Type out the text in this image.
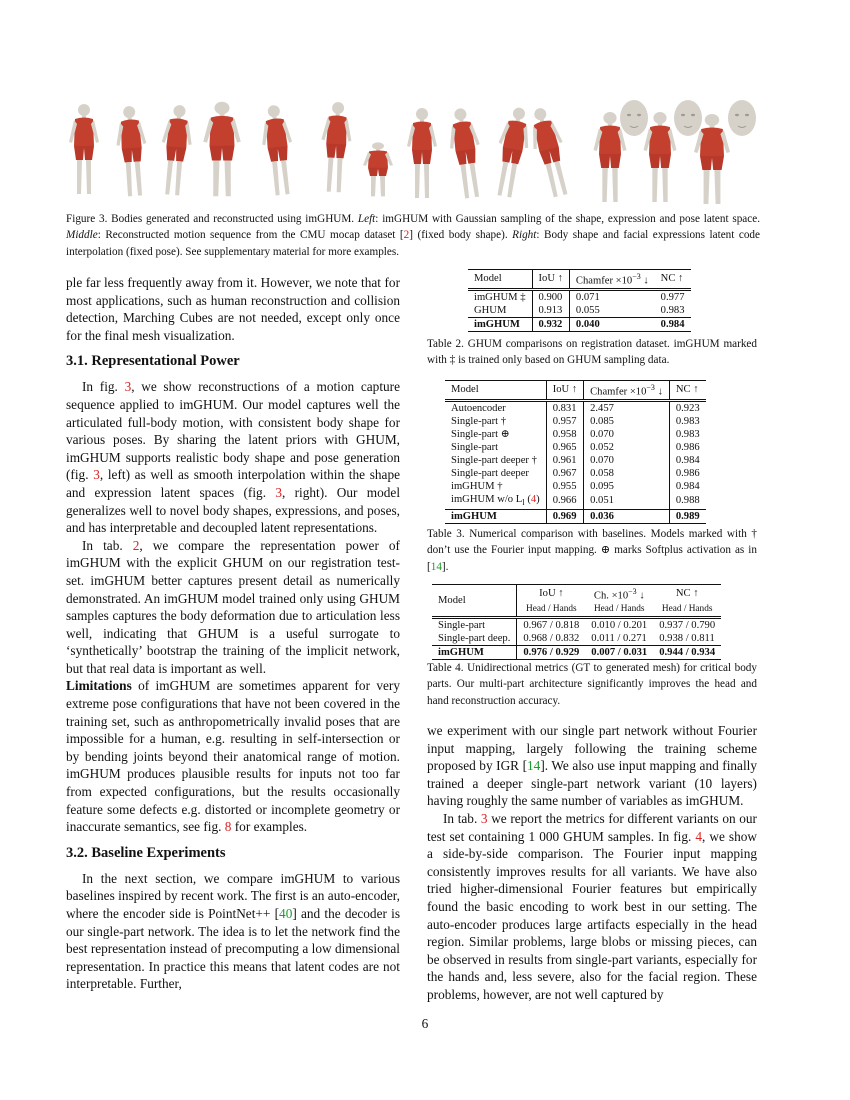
Figure 3. Bodies generated and reconstructed using imGHUM. Left: imGHUM with Gaussian sampling of the shape, expression and pose latent space. Middle: Reconstructed motion sequence from the CMU mocap dataset [2] (fixed body shape). Right: Body shape and facial expressions latent code interpolation (fixed pose). See supplementary material for more examples.

ple far less frequently away from it. However, we note that for most applications, such as human reconstruction and collision detection, Marching Cubes are not needed, except only once for the final mesh visualization.

3.1. Representational Power

In fig. 3, we show reconstructions of a motion capture sequence applied to imGHUM. Our model captures well the articulated full-body motion, with consistent body shape for various poses. By sharing the latent priors with GHUM, imGHUM supports realistic body shape and pose generation (fig. 3, left) as well as smooth interpolation within the shape and expression latent spaces (fig. 3, right). Our model generalizes well to novel body shapes, expressions, and poses, and has interpretable and decoupled latent representations.

In tab. 2, we compare the representation power of imGHUM with the explicit GHUM on our registration test-set. imGHUM better captures present detail as numerically demonstrated. An imGHUM model trained only using GHUM samples captures the body deformation due to articulation less well, indicating that GHUM is a useful surrogate to ‘synthetically’ bootstrap the training of the implicit network, but that real data is important as well.

Limitations of imGHUM are sometimes apparent for very extreme pose configurations that have not been covered in the training set, such as anthropometrically invalid poses that are impossible for a human, e.g. resulting in self-intersection or by bending joints beyond their anatomical range of motion. imGHUM produces plausible results for inputs not too far from expected configurations, but the results occasionally feature some defects e.g. distorted or incomplete geometry or inaccurate semantics, see fig. 8 for examples.

3.2. Baseline Experiments

In the next section, we compare imGHUM to various baselines inspired by recent work. The first is an auto-encoder, where the encoder side is PointNet++ [40] and the decoder is our single-part network. The idea is to let the network find the best representation instead of precomputing a low dimensional representation. In practice this means that latent codes are not interpretable. Further,

Model	IoU ↑	Chamfer $\times 10^{-3}$ ↓	NC ↑
imGHUM ‡	0.900	0.071	0.977
GHUM	0.913	0.055	0.983
imGHUM	0.932	0.040	0.984
Table 2. GHUM comparisons on registration dataset. imGHUM marked with ‡ is trained only based on GHUM sampling data.
Model	IoU ↑	Chamfer $\times 10^{-3}$ ↓	NC ↑
Autoencoder	0.831	2.457	0.923
Single-part †	0.957	0.085	0.983
Single-part ⊕	0.958	0.070	0.983
Single-part	0.965	0.052	0.986
Single-part deeper †	0.961	0.070	0.984
Single-part deeper	0.967	0.058	0.986
imGHUM †	0.955	0.095	0.984
imGHUM w/o $L_l$ (4)	0.966	0.051	0.988
imGHUM	0.969	0.036	0.989
Table 3. Numerical comparison with baselines. Models marked with † don’t use the Fourier input mapping. ⊕ marks Softplus activation as in [14].
Model	IoU ↑	Ch. $\times 10^{-3}$ ↓	NC ↑
	Head / Hands	Head / Hands	Head / Hands
Single-part	0.967 / 0.818	0.010 / 0.201	0.937 / 0.790
Single-part deep.	0.968 / 0.832	0.011 / 0.271	0.938 / 0.811
imGHUM	0.976 / 0.929	0.007 / 0.031	0.944 / 0.934
Table 4. Unidirectional metrics (GT to generated mesh) for critical body parts. Our multi-part architecture significantly improves the head and hand reconstruction accuracy.

we experiment with our single part network without Fourier input mapping, largely following the training scheme proposed by IGR [14]. We also use input mapping and finally trained a deeper single-part network variant (10 layers) having roughly the same number of variables as imGHUM.

In tab. 3 we report the metrics for different variants on our test set containing 1 000 GHUM samples. In fig. 4, we show a side-by-side comparison. The Fourier input mapping consistently improves results for all variants. We have also tried higher-dimensional Fourier features but empirically found the basic encoding to work best in our setting. The auto-encoder produces large artifacts especially in the head region. Similar problems, large blobs or missing pieces, can be observed in results from single-part variants, especially for the hands and, less severe, also for the facial region. These problems, however, are not well captured by

6
